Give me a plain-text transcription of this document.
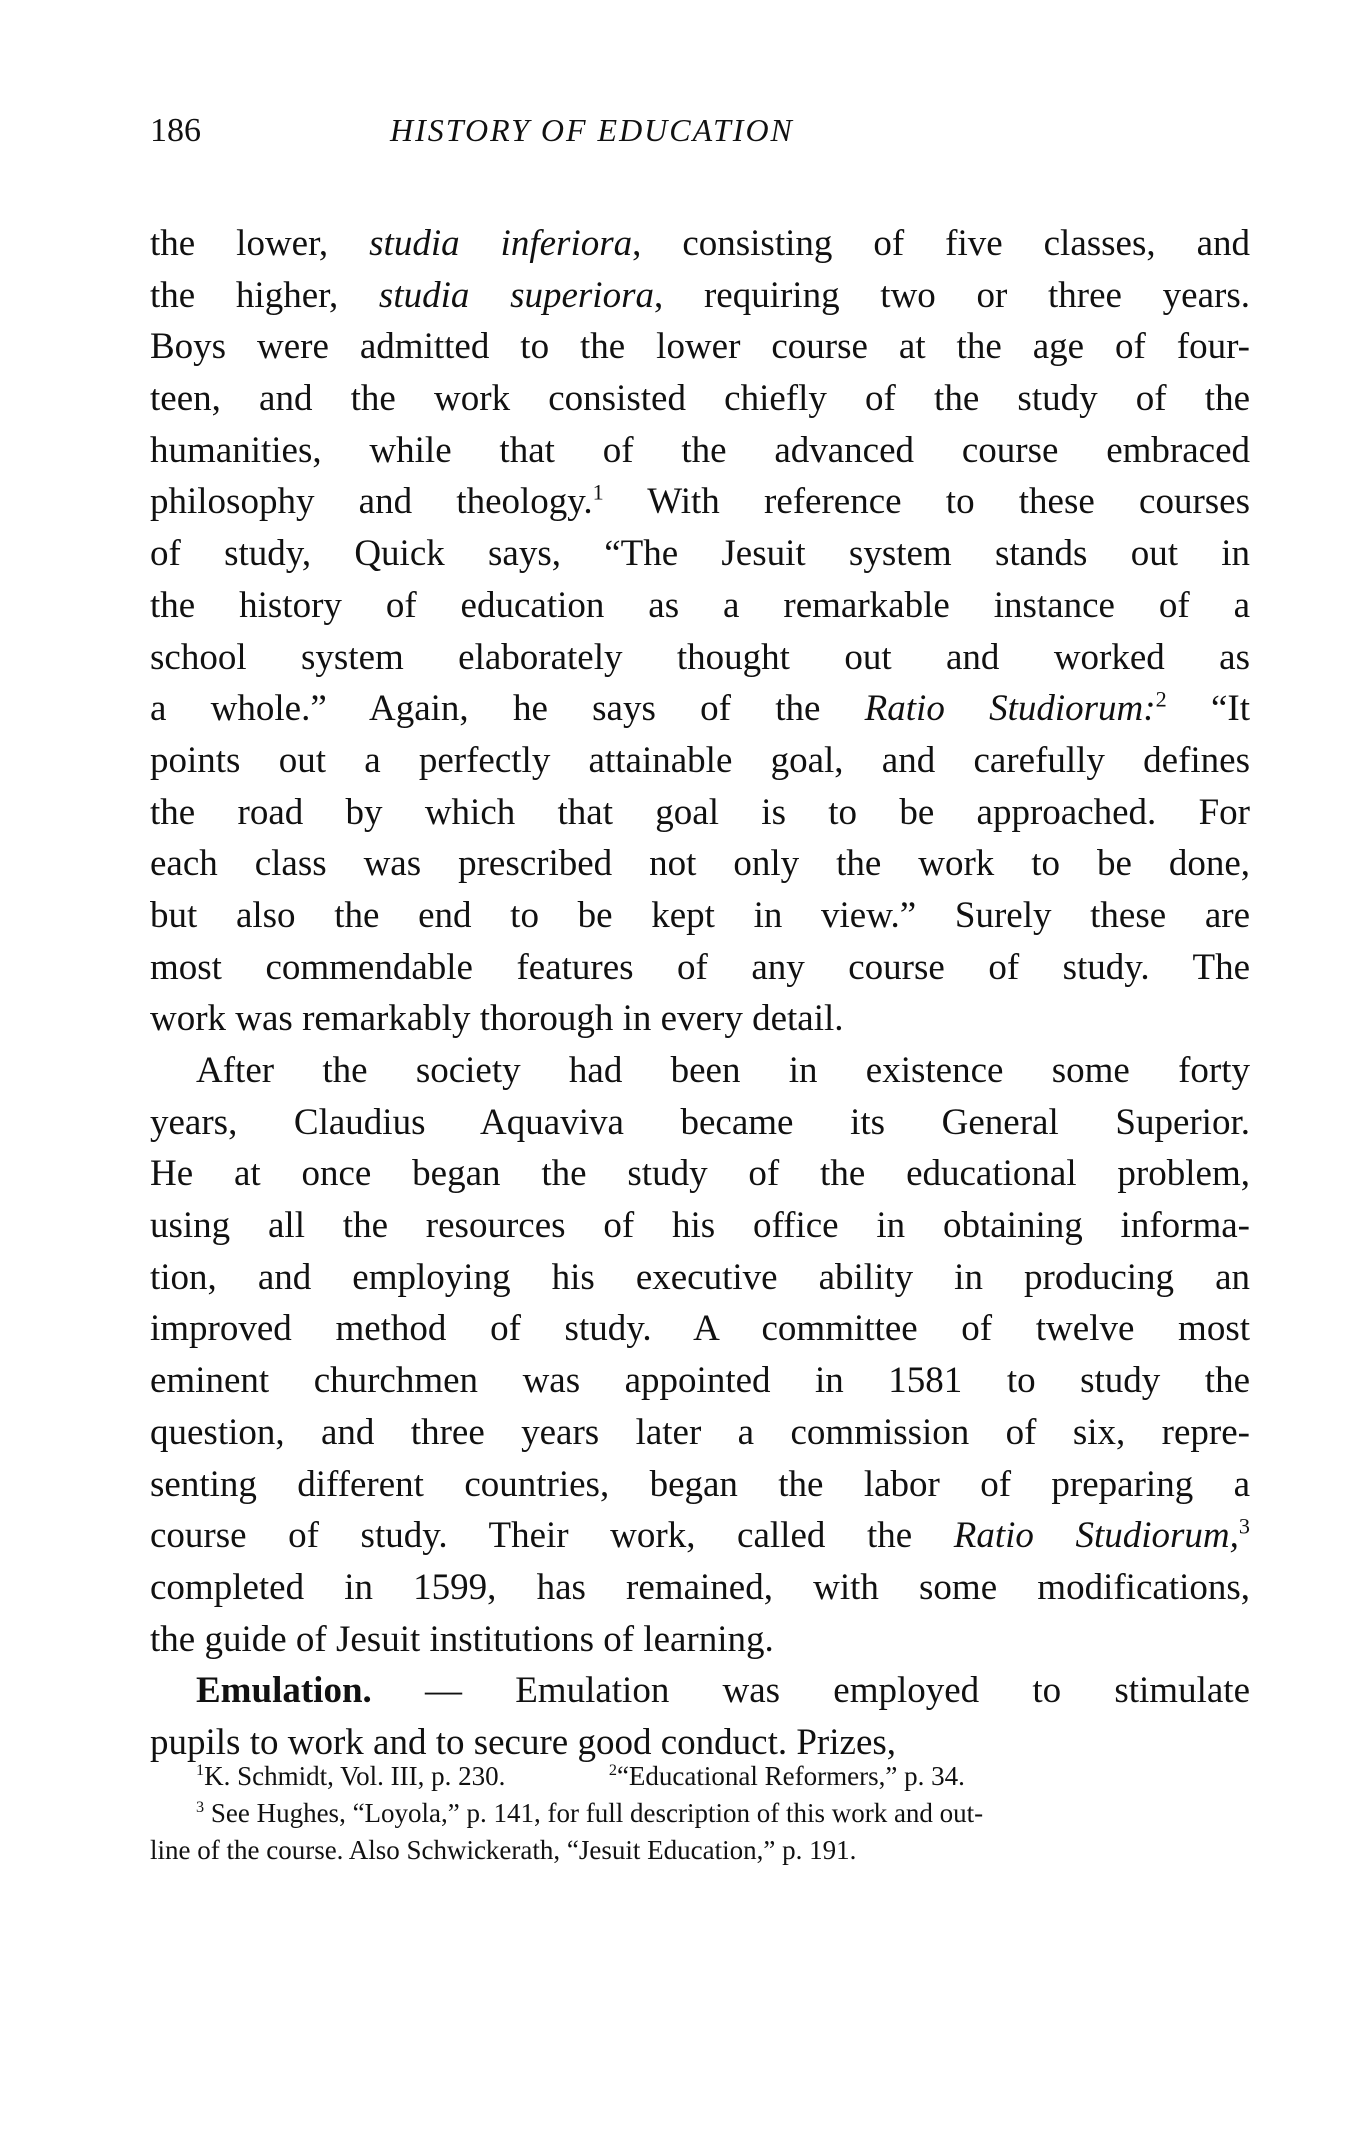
186	HISTORY OF EDUCATION
the lower, studia inferiora, consisting of five classes, and
the higher, studia superiora, requiring two or three years.
Boys were admitted to the lower course at the age of four-
teen, and the work consisted chiefly of the study of the
humanities, while that of the advanced course embraced
philosophy and theology.$^1$ With reference to these courses
of study, Quick says, “The Jesuit system stands out in
the history of education as a remarkable instance of a
school system elaborately thought out and worked as
a whole.” Again, he says of the Ratio Studiorum:$^2$ “It
points out a perfectly attainable goal, and carefully defines
the road by which that goal is to be approached. For
each class was prescribed not only the work to be done,
but also the end to be kept in view.” Surely these are
most commendable features of any course of study. The
work was remarkably thorough in every detail.
After the society had been in existence some forty
years, Claudius Aquaviva became its General Superior.
He at once began the study of the educational problem,
using all the resources of his office in obtaining informa-
tion, and employing his executive ability in producing an
improved method of study. A committee of twelve most
eminent churchmen was appointed in 1581 to study the
question, and three years later a commission of six, repre-
senting different countries, began the labor of preparing a
course of study. Their work, called the Ratio Studiorum,$^3$
completed in 1599, has remained, with some modifications,
the guide of Jesuit institutions of learning.
Emulation. — Emulation was employed to stimulate
pupils to work and to secure good conduct. Prizes,
$^1$K. Schmidt, Vol. III, p. 230.	$^2$“Educational Reformers,” p. 34.
$^3$ See Hughes, “Loyola,” p. 141, for full description of this work and out-
line of the course. Also Schwickerath, “Jesuit Education,” p. 191.
